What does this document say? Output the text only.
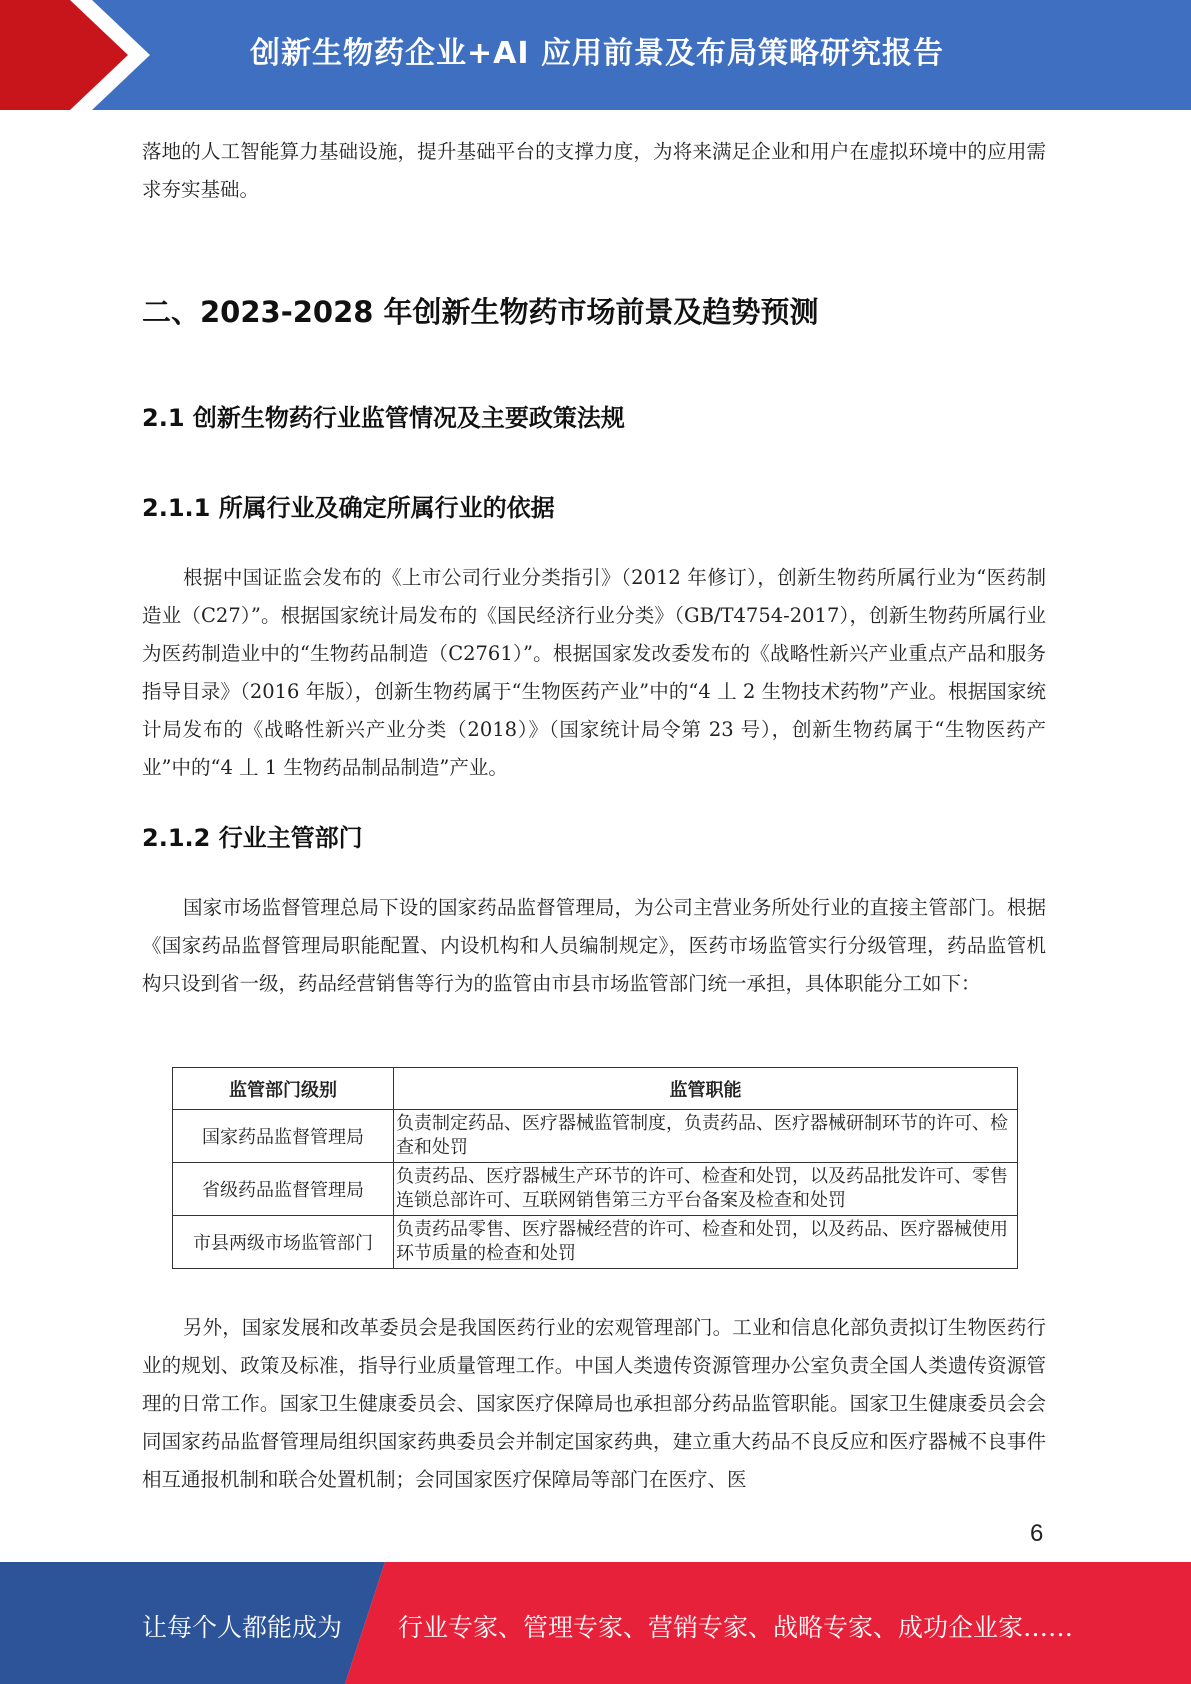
创新生物药企业+AI 应用前景及布局策略研究报告

落地的人工智能算力基础设施，提升基础平台的支撑力度，为将来满足企业和用户在虚拟环境中的应用需求夯实基础。

二、2023-2028 年创新生物药市场前景及趋势预测
2.1 创新生物药行业监管情况及主要政策法规
2.1.1 所属行业及确定所属行业的依据

根据中国证监会发布的《上市公司行业分类指引》（2012 年修订），创新生物药所属行业为“医药制造业（C27）”。根据国家统计局发布的《国民经济行业分类》（GB/T4754-2017），创新生物药所属行业为医药制造业中的“生物药品制造（C2761）”。根据国家发改委发布的《战略性新兴产业重点产品和服务指导目录》（2016 年版），创新生物药属于“生物医药产业”中的“4 丄 2 生物技术药物”产业。根据国家统计局发布的《战略性新兴产业分类（2018）》（国家统计局令第 23 号），创新生物药属于“生物医药产业”中的“4 丄 1 生物药品制品制造”产业。

2.1.2 行业主管部门

国家市场监督管理总局下设的国家药品监督管理局，为公司主营业务所处行业的直接主管部门。根据《国家药品监督管理局职能配置、内设机构和人员编制规定》，医药市场监管实行分级管理，药品监管机构只设到省一级，药品经营销售等行为的监管由市县市场监管部门统一承担，具体职能分工如下：

监管部门级别	监管职能
国家药品监督管理局	负责制定药品、医疗器械监管制度，负责药品、医疗器械研制环节的许可、检查和处罚
省级药品监督管理局	负责药品、医疗器械生产环节的许可、检查和处罚，以及药品批发许可、零售连锁总部许可、互联网销售第三方平台备案及检查和处罚
市县两级市场监管部门	负责药品零售、医疗器械经营的许可、检查和处罚，以及药品、医疗器械使用环节质量的检查和处罚

另外，国家发展和改革委员会是我国医药行业的宏观管理部门。工业和信息化部负责拟订生物医药行业的规划、政策及标准，指导行业质量管理工作。中国人类遗传资源管理办公室负责全国人类遗传资源管理的日常工作。国家卫生健康委员会、国家医疗保障局也承担部分药品监管职能。国家卫生健康委员会会同国家药品监督管理局组织国家药典委员会并制定国家药典，建立重大药品不良反应和医疗器械不良事件相互通报机制和联合处置机制；会同国家医疗保障局等部门在医疗、医

6
让每个人都能成为 行业专家、管理专家、营销专家、战略专家、成功企业家……
